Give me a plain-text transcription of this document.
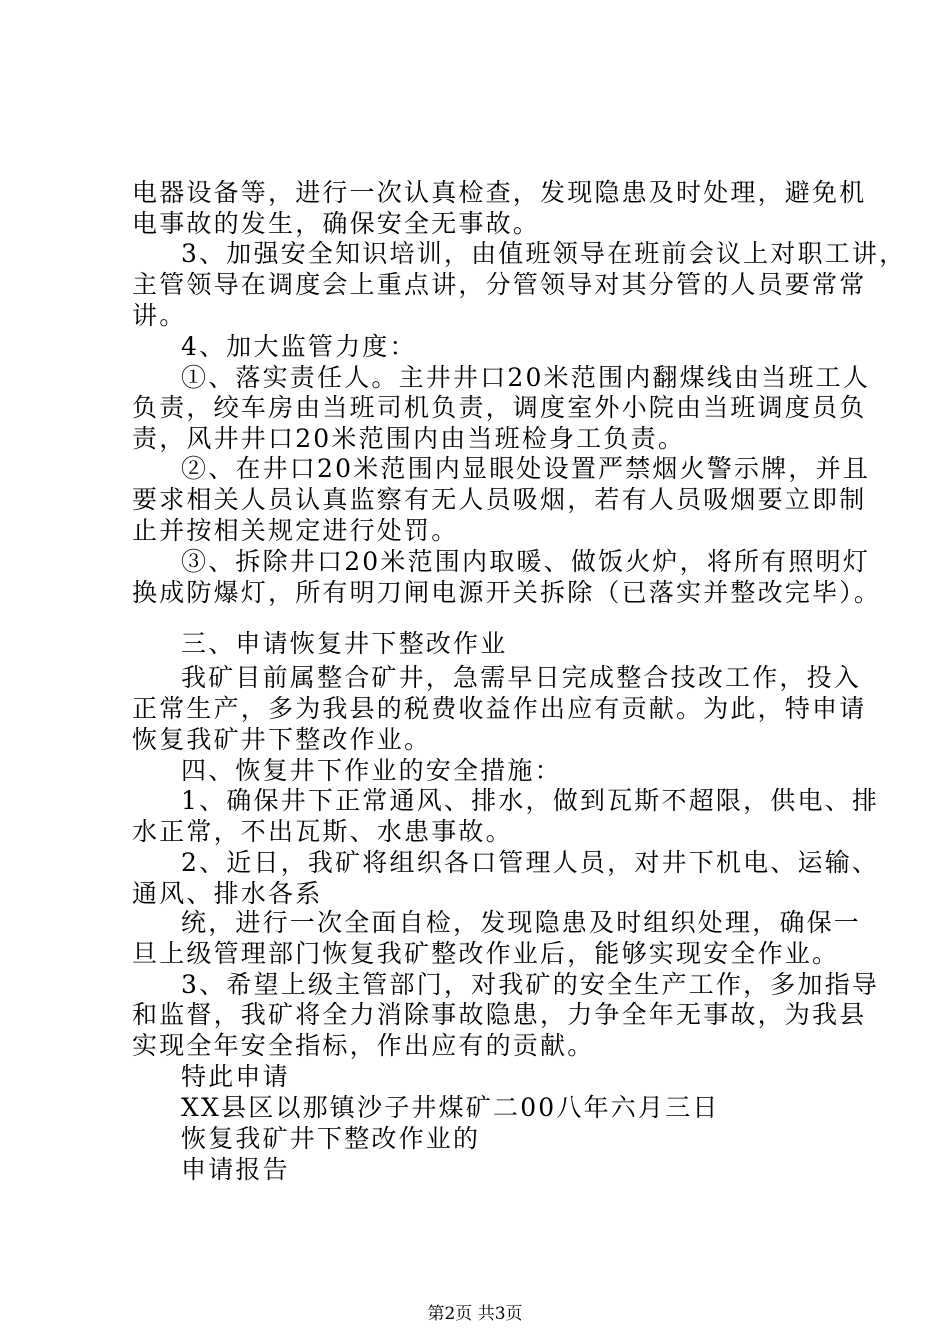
电器设备等，进行一次认真检查，发现隐患及时处理，避免机
电事故的发生，确保安全无事故。
3、加强安全知识培训，由值班领导在班前会议上对职工讲，
主管领导在调度会上重点讲，分管领导对其分管的人员要常常
讲。
4、加大监管力度：
①、落实责任人。主井井口20米范围内翻煤线由当班工人
负责，绞车房由当班司机负责，调度室外小院由当班调度员负
责，风井井口20米范围内由当班检身工负责。
②、在井口20米范围内显眼处设置严禁烟火警示牌，并且
要求相关人员认真监察有无人员吸烟，若有人员吸烟要立即制
止并按相关规定进行处罚。
③、拆除井口20米范围内取暖、做饭火炉，将所有照明灯
换成防爆灯，所有明刀闸电源开关拆除（已落实并整改完毕）。
三、申请恢复井下整改作业
我矿目前属整合矿井，急需早日完成整合技改工作，投入
正常生产，多为我县的税费收益作出应有贡献。为此，特申请
恢复我矿井下整改作业。
四、恢复井下作业的安全措施：
1、确保井下正常通风、排水，做到瓦斯不超限，供电、排
水正常，不出瓦斯、水患事故。
2、近日，我矿将组织各口管理人员，对井下机电、运输、
通风、排水各系
统，进行一次全面自检，发现隐患及时组织处理，确保一
旦上级管理部门恢复我矿整改作业后，能够实现安全作业。
3、希望上级主管部门，对我矿的安全生产工作，多加指导
和监督，我矿将全力消除事故隐患，力争全年无事故，为我县
实现全年安全指标，作出应有的贡献。
特此申请
XX县区以那镇沙子井煤矿二00八年六月三日
恢复我矿井下整改作业的
申请报告
第2页 共3页
